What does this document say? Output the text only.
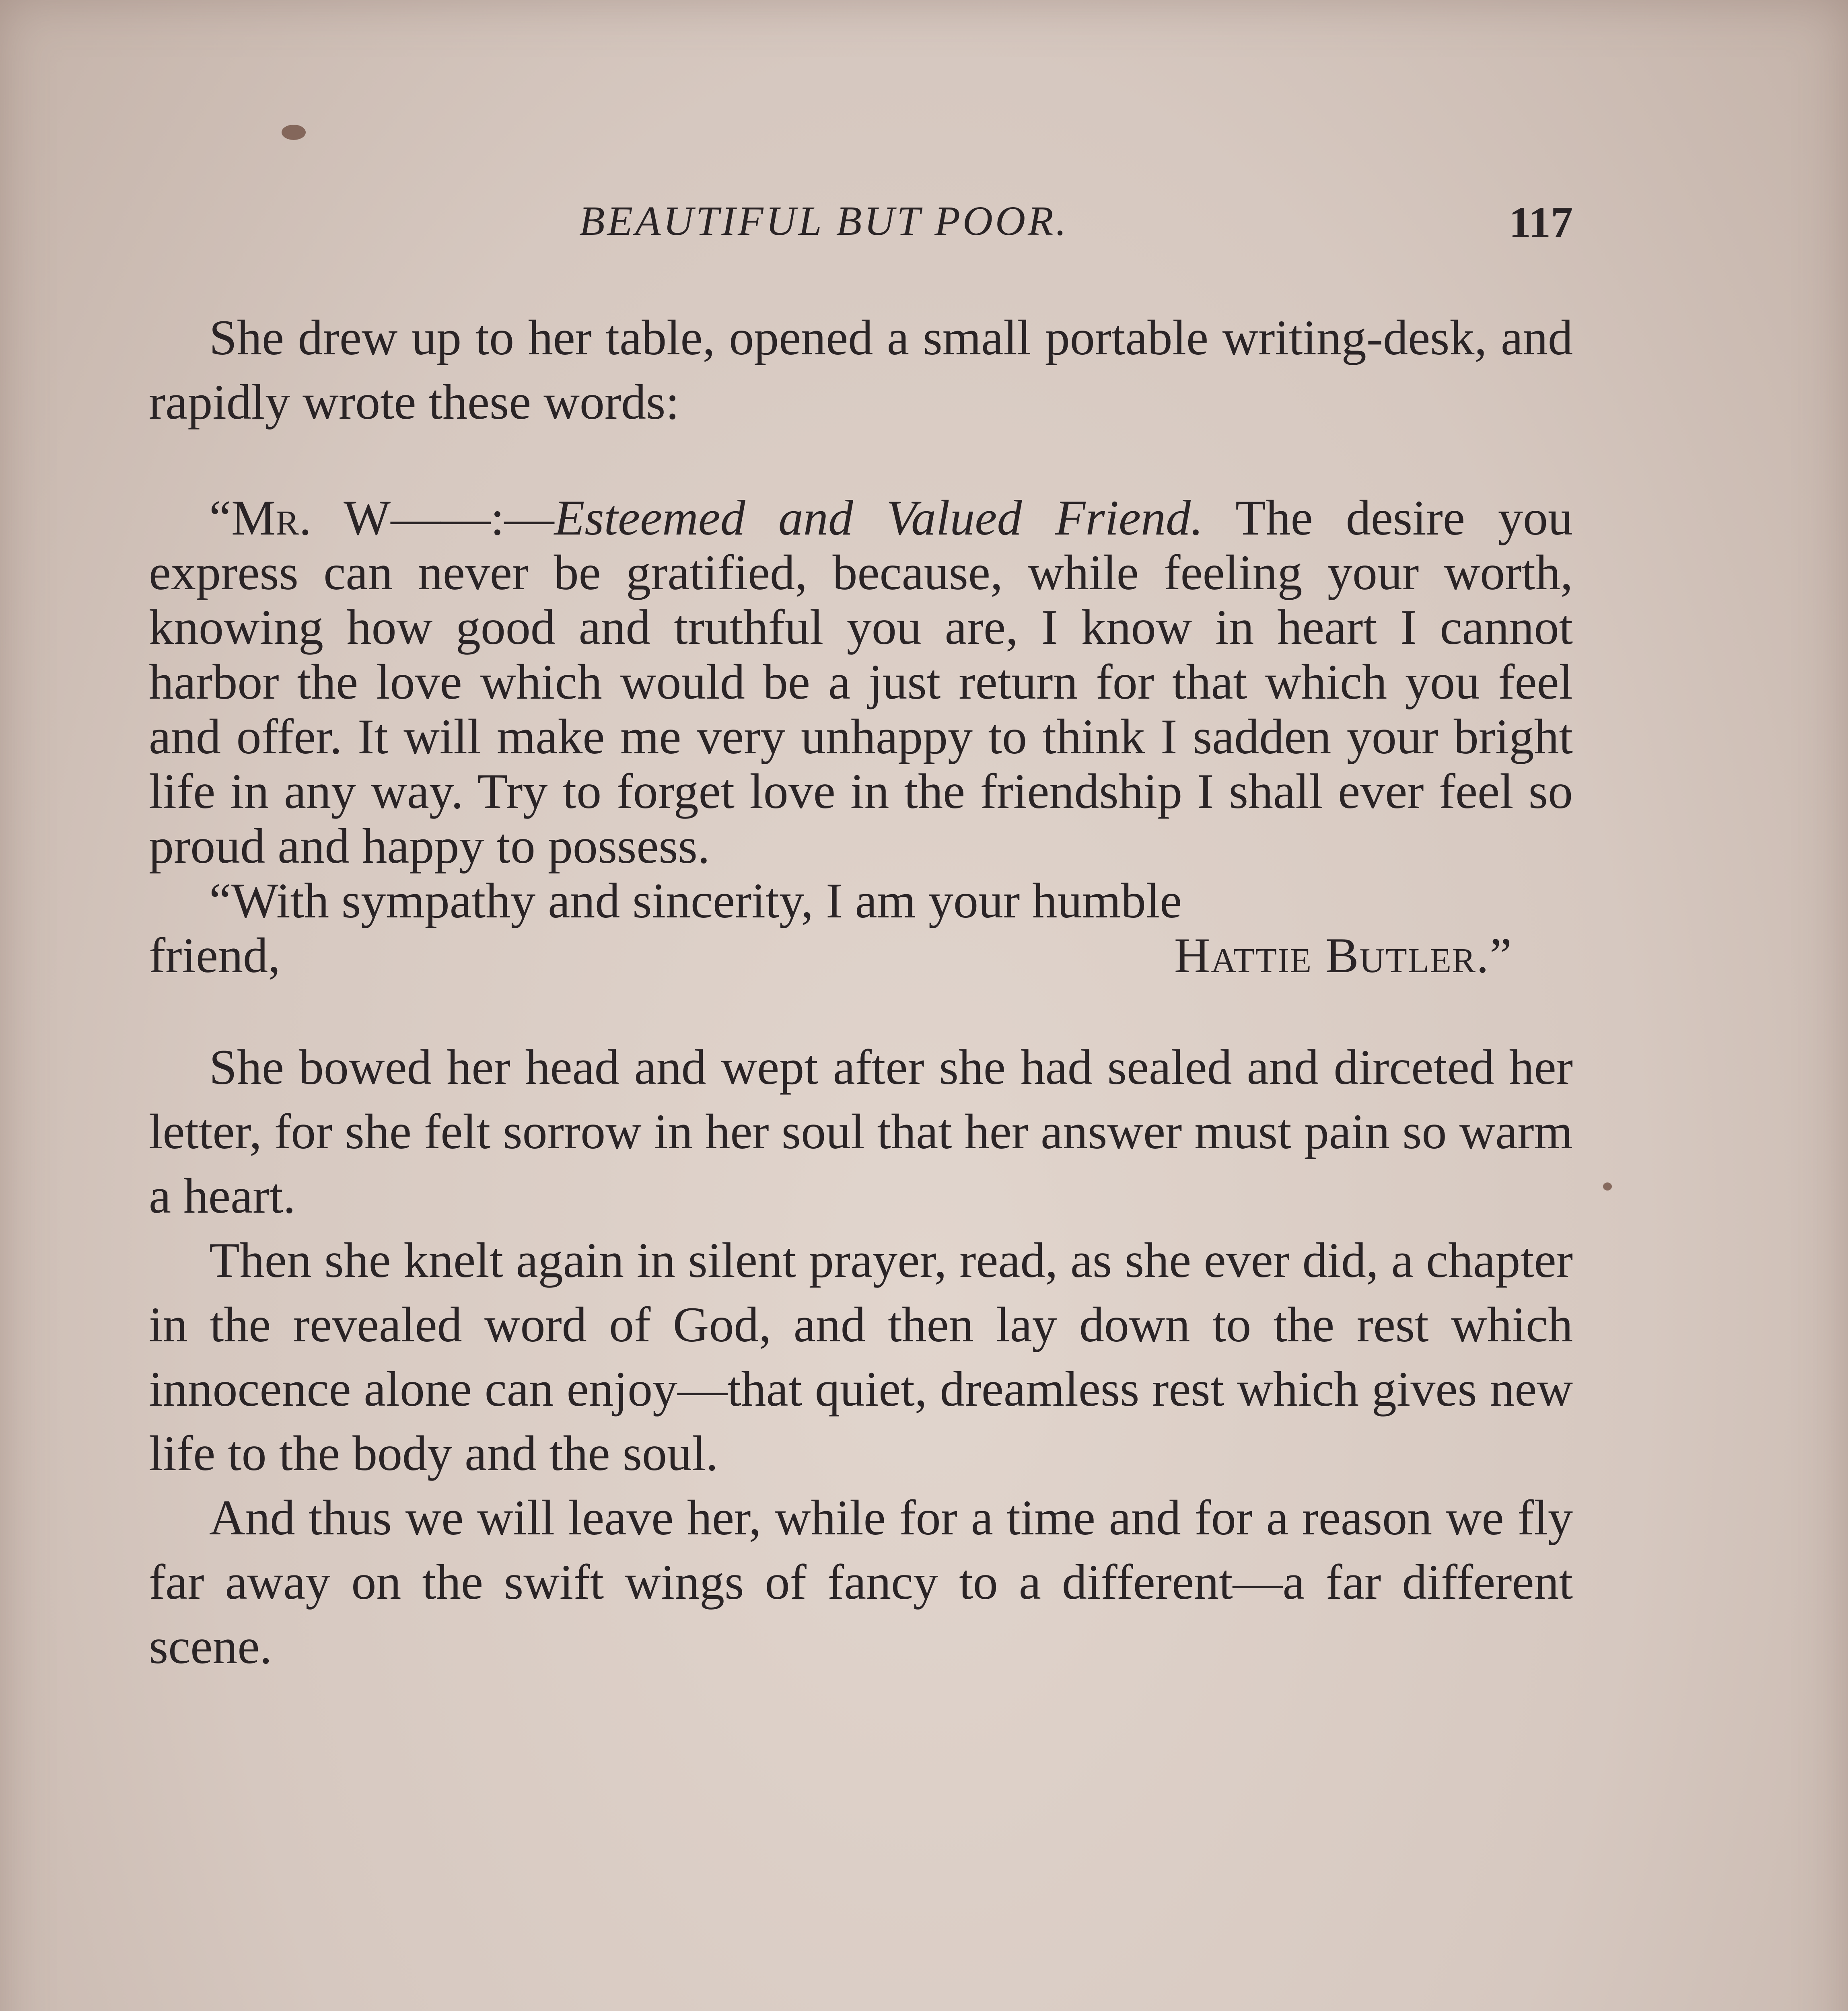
BEAUTIFUL BUT POOR.	117

She drew up to her table, opened a small portable writing-desk, and rapidly wrote these words:

“Mr. W——:—Esteemed and Valued Friend. The desire you express can never be gratified, because, while feeling your worth, knowing how good and truthful you are, I know in heart I cannot harbor the love which would be a just return for that which you feel and offer. It will make me very unhappy to think I sadden your bright life in any way. Try to forget love in the friendship I shall ever feel so proud and happy to possess.

“With sympathy and sincerity, I am your humble

friend,	Hattie Butler.”

She bowed her head and wept after she had sealed and dirceted her letter, for she felt sorrow in her soul that her answer must pain so warm a heart.

Then she knelt again in silent prayer, read, as she ever did, a chapter in the revealed word of God, and then lay down to the rest which innocence alone can enjoy—that quiet, dreamless rest which gives new life to the body and the soul.

And thus we will leave her, while for a time and for a reason we fly far away on the swift wings of fancy to a different—a far different scene.
